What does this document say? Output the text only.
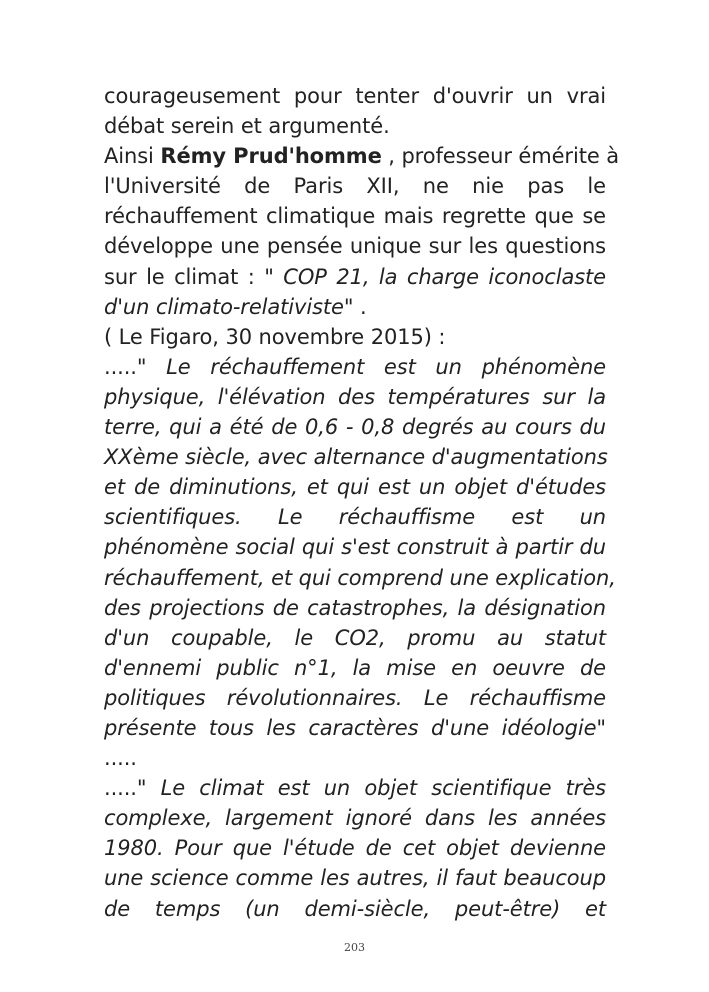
courageusement pour tenter d'ouvrir un vrai
débat serein et argumenté.
Ainsi Rémy Prud'homme , professeur émérite à
l'Université de Paris XII, ne nie pas le
réchauffement climatique mais regrette que se
développe une pensée unique sur les questions
sur le climat : " COP 21, la charge iconoclaste
d'un climato-relativiste" .
( Le Figaro, 30 novembre 2015) :
....." Le réchauffement est un phénomène
physique, l'élévation des températures sur la
terre, qui a été de 0,6 - 0,8 degrés au cours du
XXème siècle, avec alternance d'augmentations
et de diminutions, et qui est un objet d'études
scientifiques. Le réchauffisme est un
phénomène social qui s'est construit à partir du
réchauffement, et qui comprend une explication,
des projections de catastrophes, la désignation
d'un coupable, le CO2, promu au statut
d'ennemi public n°1, la mise en oeuvre de
politiques révolutionnaires. Le réchauffisme
présente tous les caractères d'une idéologie"
.....
....." Le climat est un objet scientifique très
complexe, largement ignoré dans les années
1980. Pour que l'étude de cet objet devienne
une science comme les autres, il faut beaucoup
de temps (un demi-siècle, peut-être) et
203
